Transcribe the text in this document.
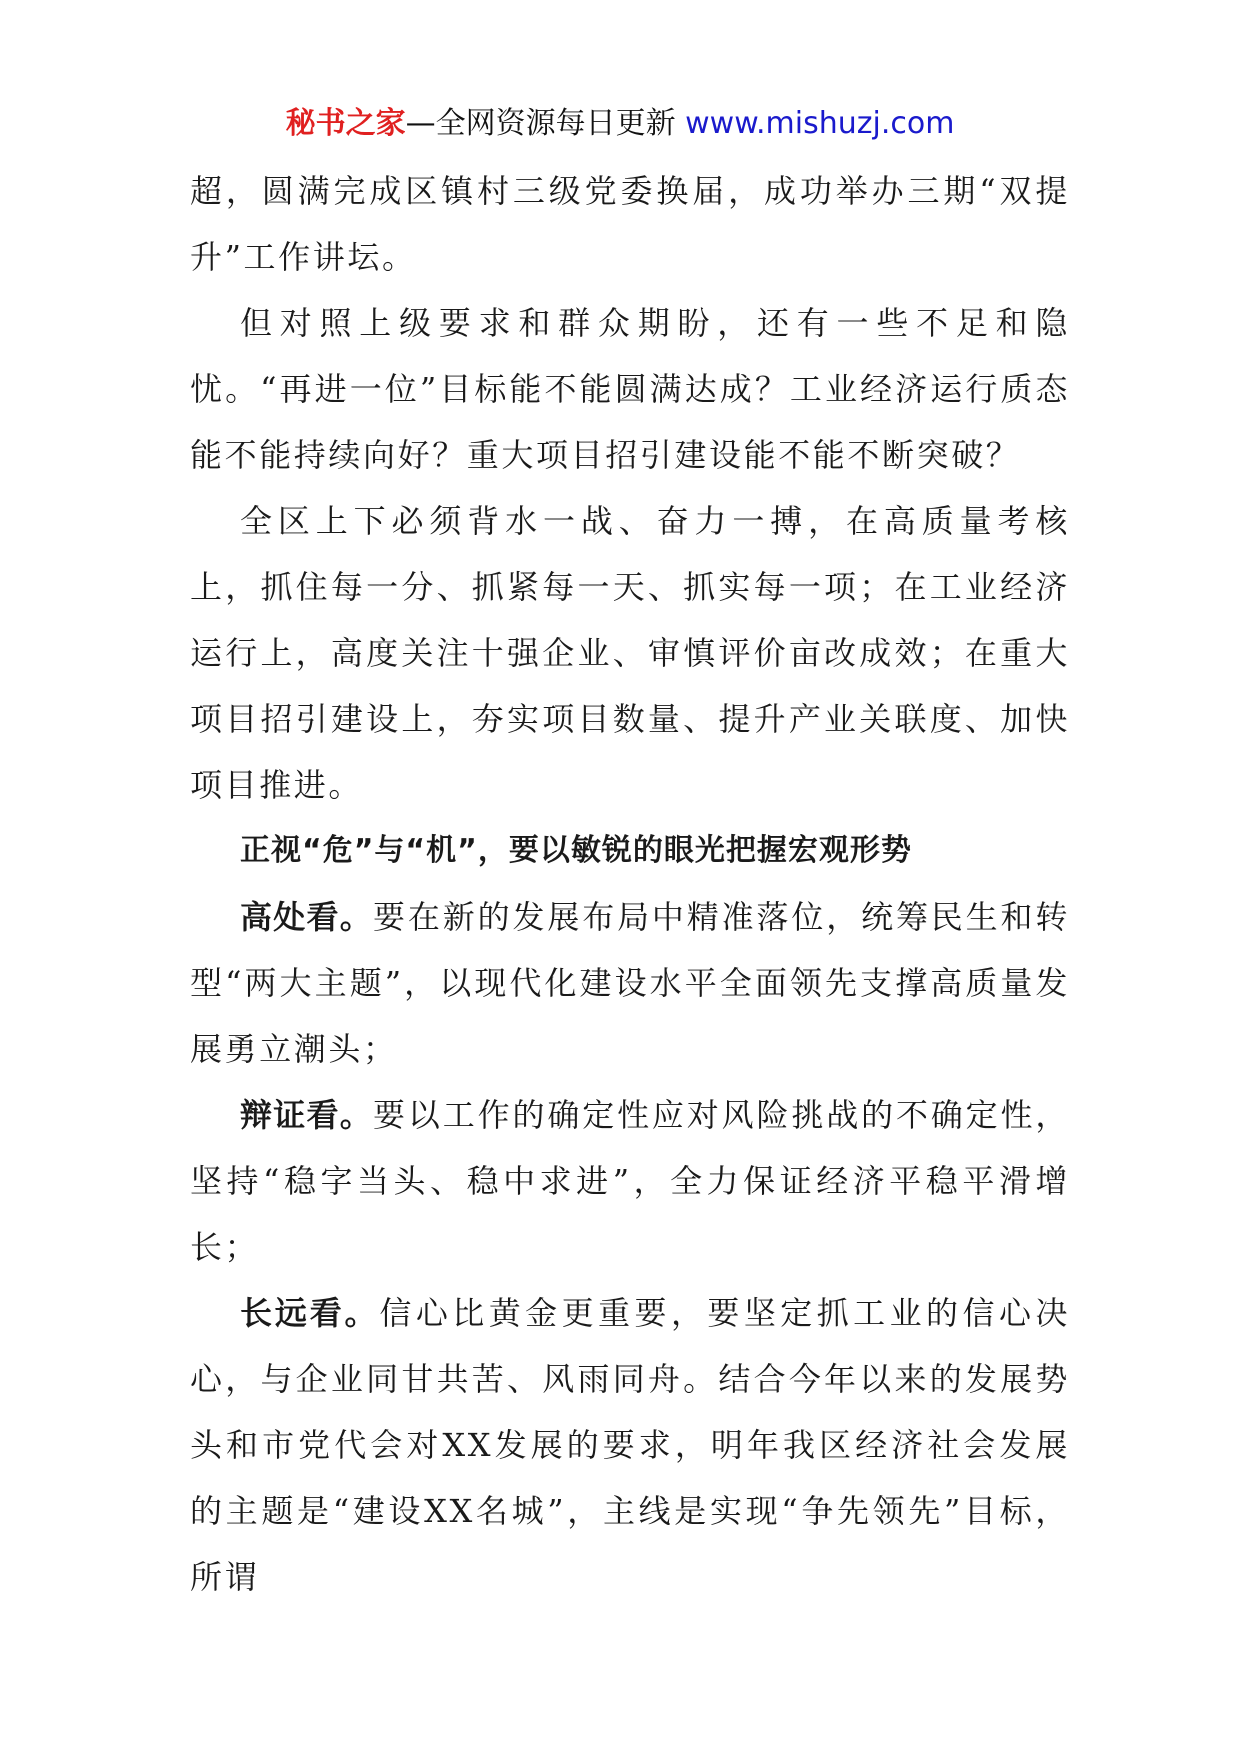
秘书之家—全网资源每日更新 www.mishuzj.com

超，圆满完成区镇村三级党委换届，成功举办三期“双提升”工作讲坛。

但对照上级要求和群众期盼，还有一些不足和隐忧。“再进一位”目标能不能圆满达成？工业经济运行质态能不能持续向好？重大项目招引建设能不能不断突破？

全区上下必须背水一战、奋力一搏，在高质量考核上，抓住每一分、抓紧每一天、抓实每一项；在工业经济运行上，高度关注十强企业、审慎评价亩改成效；在重大项目招引建设上，夯实项目数量、提升产业关联度、加快项目推进。

正视“危”与“机”，要以敏锐的眼光把握宏观形势

高处看。要在新的发展布局中精准落位，统筹民生和转型“两大主题”，以现代化建设水平全面领先支撑高质量发展勇立潮头；

辩证看。要以工作的确定性应对风险挑战的不确定性，坚持“稳字当头、稳中求进”，全力保证经济平稳平滑增长；

长远看。信心比黄金更重要，要坚定抓工业的信心决心，与企业同甘共苦、风雨同舟。结合今年以来的发展势头和市党代会对XX发展的要求，明年我区经济社会发展的主题是“建设XX名城”，主线是实现“争先领先”目标，所谓
